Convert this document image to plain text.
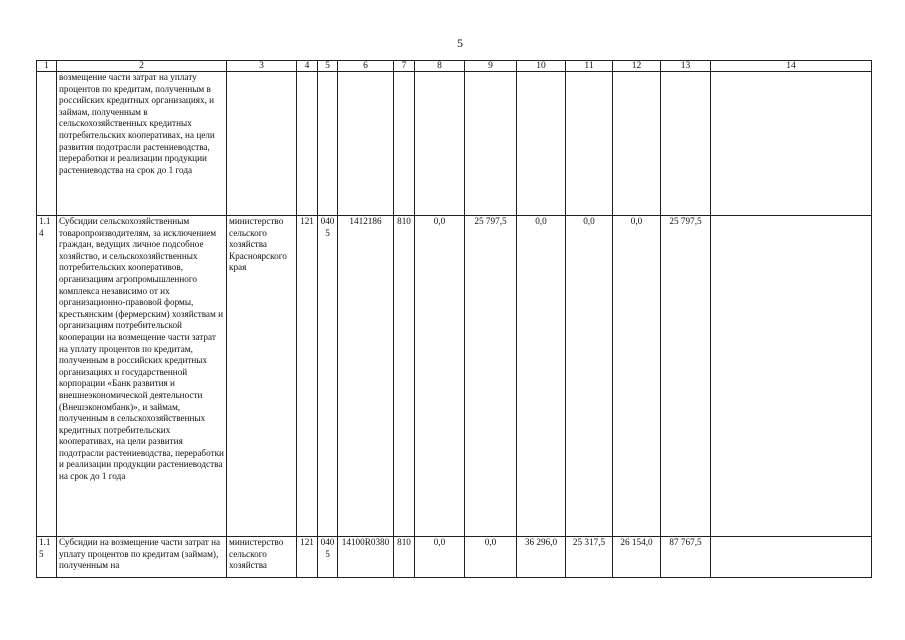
5
1	2	3	4	5	6	7	8	9	10	11	12	13	14
	возмещение части затрат на уплату процентов по кредитам, полученным в российских кредитных организациях, и займам, полученным в сельскохозяйственных кредитных потребительских кооперативах, на цели развития подотрасли растениеводства, переработки и реализации продукции растениеводства на срок до 1 года												
1.14	Субсидии сельскохозяйственным товаропроизводителям, за исключением граждан, ведущих личное подсобное хозяйство, и сельскохозяйственных потребительских кооперативов, организациям агропромышленного комплекса независимо от их организационно-правовой формы, крестьянским (фермерским) хозяйствам и организациям потребительской кооперации на возмещение части затрат на уплату процентов по кредитам, полученным в российских кредитных организациях и государственной корпорации «Банк развития и внешнеэкономической деятельности (Внешэкономбанк)», и займам, полученным в сельскохозяйственных кредитных потребительских кооперативах, на цели развития подотрасли растениеводства, переработки и реализации продукции растениеводства на срок до 1 года	министерство сельского хозяйства Красноярского края	121	0405	1412186	810	0,0	25 797,5	0,0	0,0	0,0	25 797,5	
1.15	Субсидии на возмещение части затрат на уплату процентов по кредитам (займам), полученным на	министерство сельского хозяйства	121	0405	14100R0380	810	0,0	0,0	36 296,0	25 317,5	26 154,0	87 767,5	
